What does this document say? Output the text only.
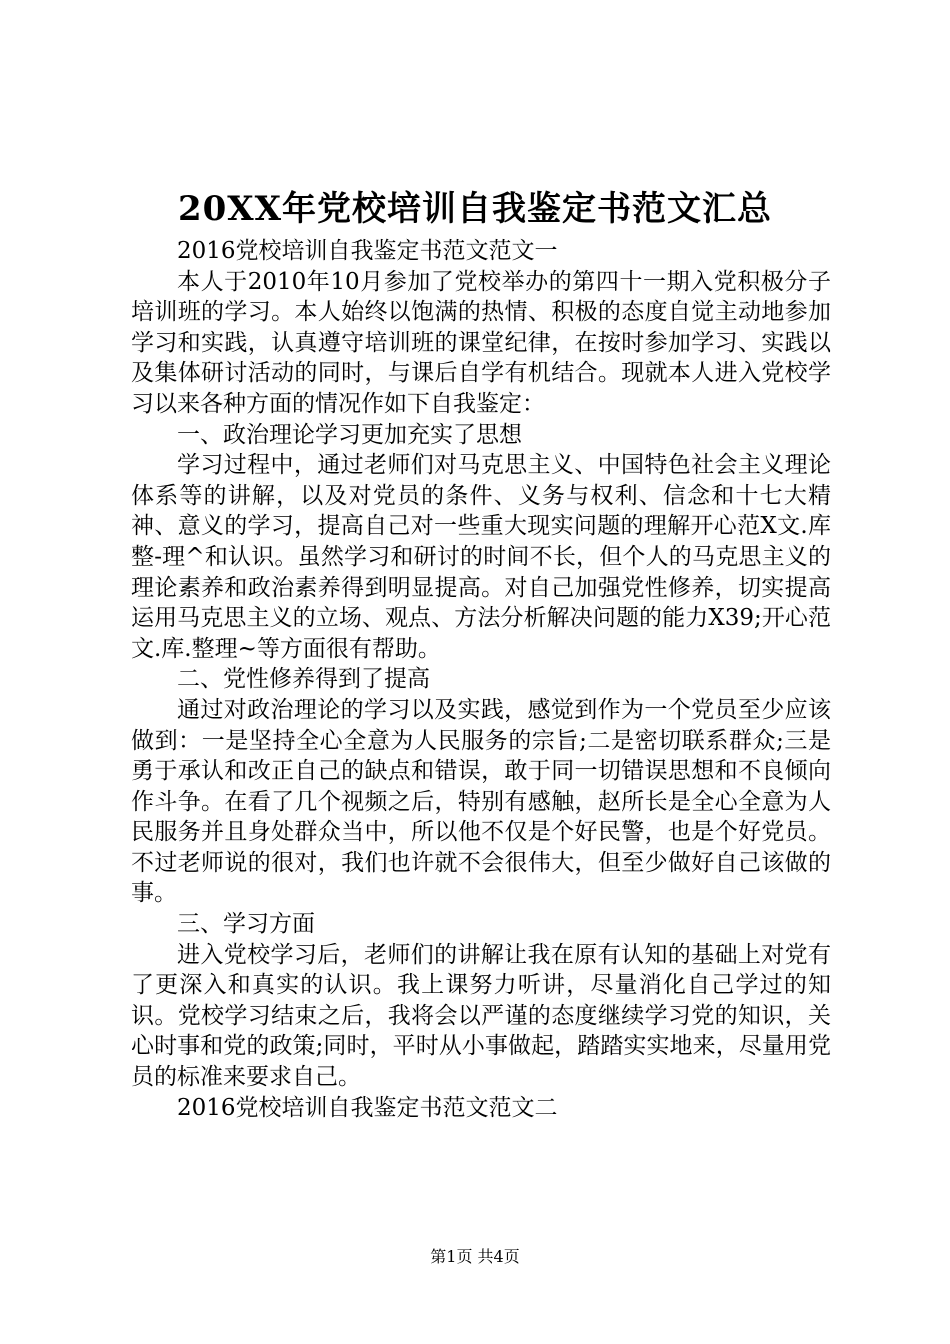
20XX年党校培训自我鉴定书范文汇总

2016党校培训自我鉴定书范文范文一

本人于2010年10月参加了党校举办的第四十一期入党积极分子培训班的学习。本人始终以饱满的热情、积极的态度自觉主动地参加学习和实践，认真遵守培训班的课堂纪律，在按时参加学习、实践以及集体研讨活动的同时，与课后自学有机结合。现就本人进入党校学习以来各种方面的情况作如下自我鉴定：

一、政治理论学习更加充实了思想

学习过程中，通过老师们对马克思主义、中国特色社会主义理论体系等的讲解，以及对党员的条件、义务与权利、信念和十七大精神、意义的学习，提高自己对一些重大现实问题的理解开心范X文.库整-理^和认识。虽然学习和研讨的时间不长，但个人的马克思主义的理论素养和政治素养得到明显提高。对自己加强党性修养，切实提高运用马克思主义的立场、观点、方法分析解决问题的能力X39;开心范文.库.整理~等方面很有帮助。

二、党性修养得到了提高

通过对政治理论的学习以及实践，感觉到作为一个党员至少应该做到：一是坚持全心全意为人民服务的宗旨;二是密切联系群众;三是勇于承认和改正自己的缺点和错误，敢于同一切错误思想和不良倾向作斗争。在看了几个视频之后，特别有感触，赵所长是全心全意为人民服务并且身处群众当中，所以他不仅是个好民警，也是个好党员。不过老师说的很对，我们也许就不会很伟大，但至少做好自己该做的事。

三、学习方面

进入党校学习后，老师们的讲解让我在原有认知的基础上对党有了更深入和真实的认识。我上课努力听讲，尽量消化自己学过的知识。党校学习结束之后，我将会以严谨的态度继续学习党的知识，关心时事和党的政策;同时，平时从小事做起，踏踏实实地来，尽量用党员的标准来要求自己。

2016党校培训自我鉴定书范文范文二

第1页 共4页
